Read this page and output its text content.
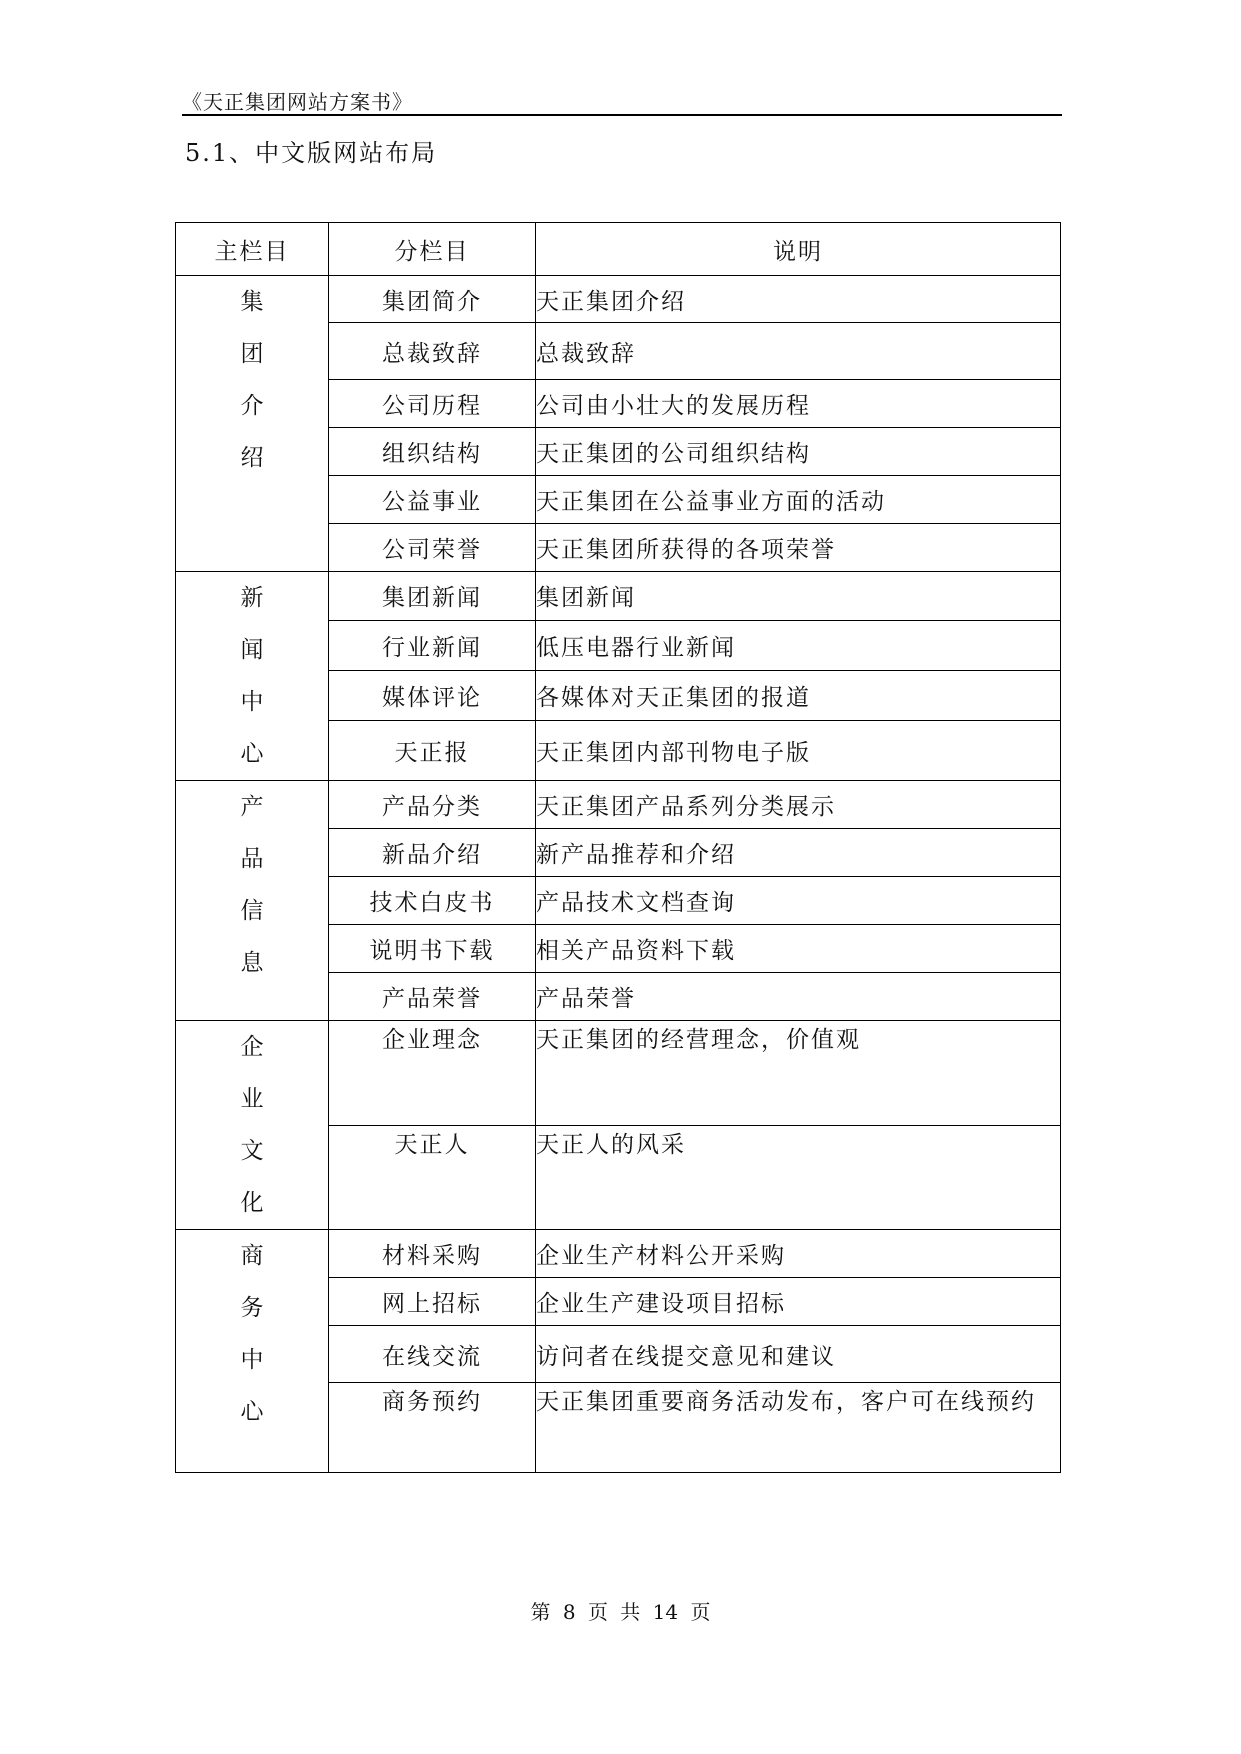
《天正集团网站方案书》
5.1、中文版网站布局
主栏目	分栏目	说明

集
团
介
绍	集团简介	天正集团介绍
	总裁致辞	总裁致辞
	公司历程	公司由小壮大的发展历程
	组织结构	天正集团的公司组织结构
	公益事业	天正集团在公益事业方面的活动
	公司荣誉	天正集团所获得的各项荣誉

新
闻
中
心	集团新闻	集团新闻
	行业新闻	低压电器行业新闻
	媒体评论	各媒体对天正集团的报道
	天正报	天正集团内部刊物电子版

产
品
信
息	产品分类	天正集团产品系列分类展示
	新品介绍	新产品推荐和介绍
	技术白皮书	产品技术文档查询
	说明书下载	相关产品资料下载
	产品荣誉	产品荣誉

企
业
文
化	企业理念	天正集团的经营理念，价值观
	天正人	天正人的风采

商
务
中
心	材料采购	企业生产材料公开采购
	网上招标	企业生产建设项目招标
	在线交流	访问者在线提交意见和建议
	商务预约	天正集团重要商务活动发布，客户可在线预约
第 8 页 共 14 页
